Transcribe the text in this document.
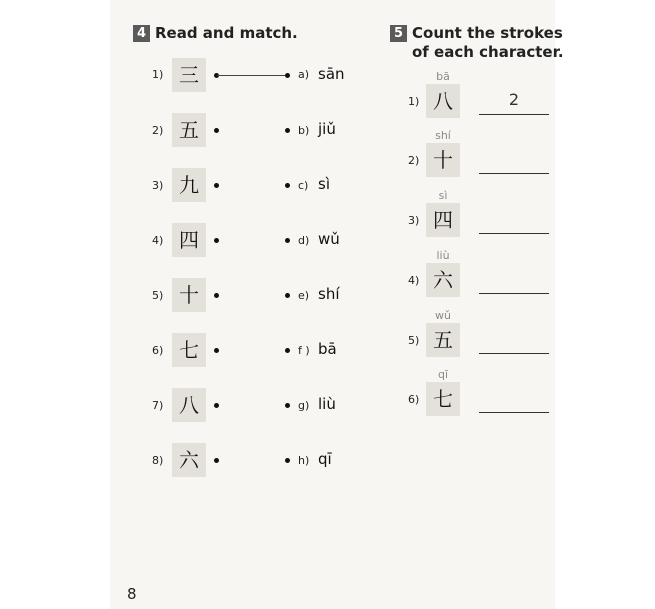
4 Read and match.
1) 三
2) 五
3) 九
4) 四
5) 十
6) 七
7) 八
8) 六
a) sān
b) jiǔ
c) sì
d) wǔ
e) shí
f ) bā
g) liù
h) qī
5 Count the strokes
of each character.
bā
1) 八	2
shí
2) 十
sì
3) 四
liù
4) 六
wǔ
5) 五
qī
6) 七
8
